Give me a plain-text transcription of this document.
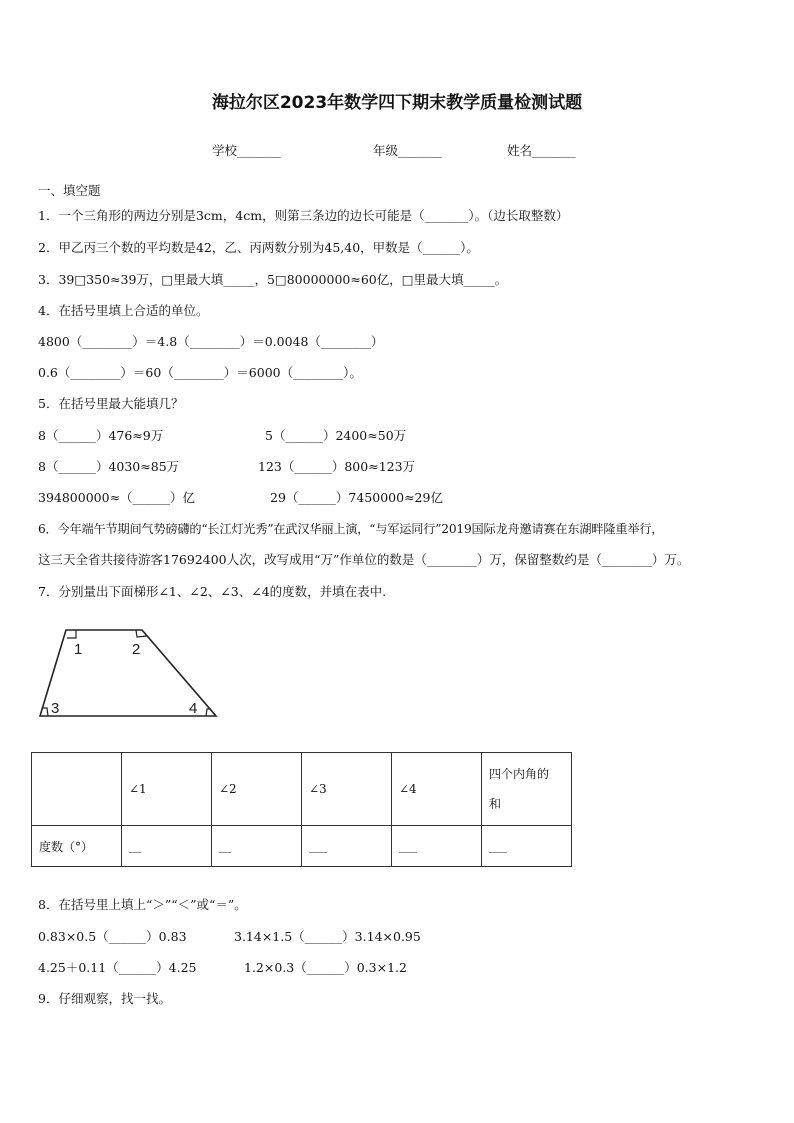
海拉尔区2023年数学四下期末教学质量检测试题
学校_______	年级_______	姓名_______
一、填空题
1．一个三角形的两边分别是3cm，4cm，则第三条边的边长可能是（_______）。（边长取整数）
2．甲乙丙三个数的平均数是42，乙、丙两数分别为45,40，甲数是（______）。
3．39□350≈39万，□里最大填_____，5□80000000≈60亿，□里最大填_____。
4．在括号里填上合适的单位。
4800（________）＝4.8（________）＝0.0048（________）
0.6（________）＝60（________）＝6000（________）。
5．在括号里最大能填几？
8（______）476≈9万	5（______）2400≈50万
8（______）4030≈85万	123（______）800≈123万
394800000≈（______）亿	29（______）7450000≈29亿
6．今年端午节期间气势磅礴的“长江灯光秀”在武汉华丽上演，“与军运同行”2019国际龙舟邀请赛在东湖畔隆重举行，
这三天全省共接待游客17692400人次，改写成用“万”作单位的数是（________）万，保留整数约是（________）万。
7．分别量出下面梯形∠1、∠2、∠3、∠4的度数，并填在表中.
1	2
3	4
	∠1	∠2	∠3	∠4	四个内角的
和

度数（°）	__	__	___	___	___
8．在括号里上填上“＞”“＜”或“＝”。
0.83×0.5（______）0.83	3.14×1.5（______）3.14×0.95
4.25＋0.11（______）4.25	1.2×0.3（______）0.3×1.2
9．仔细观察，找一找。
